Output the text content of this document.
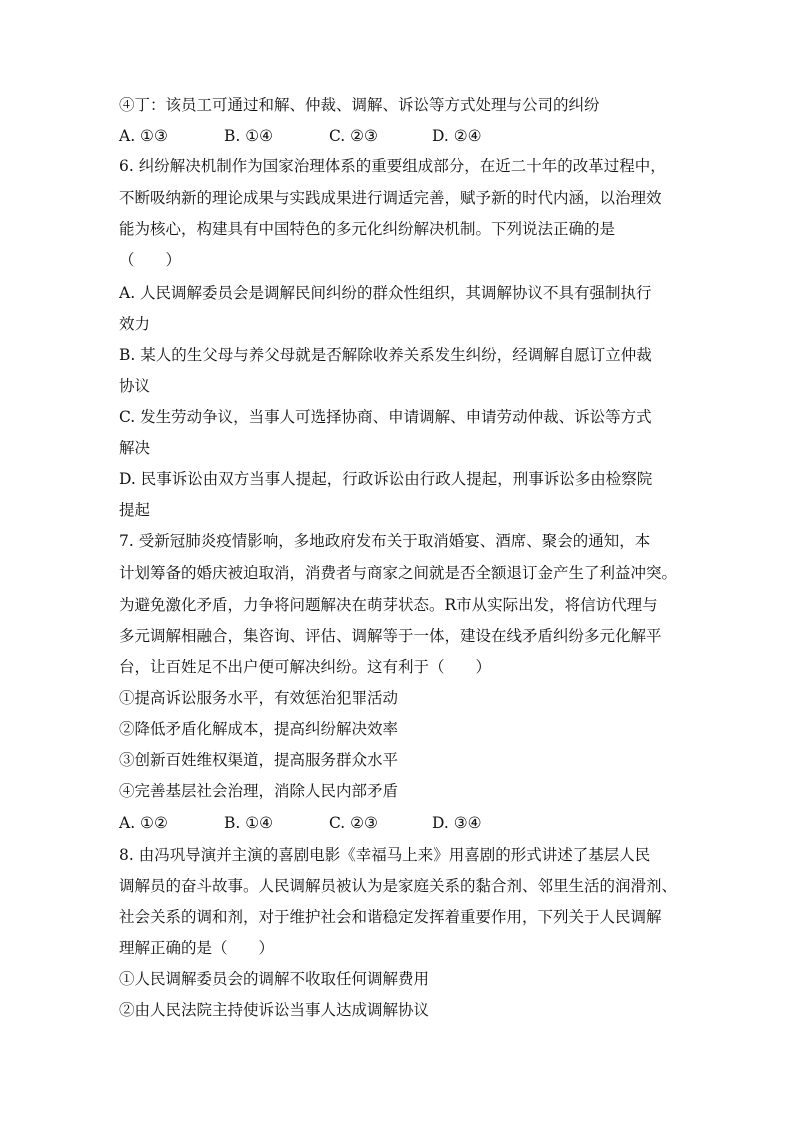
④丁：该员工可通过和解、仲裁、调解、诉讼等方式处理与公司的纠纷
A. ①③	B. ①④	C. ②③	D. ②④
6. 纠纷解决机制作为国家治理体系的重要组成部分，在近二十年的改革过程中，
不断吸纳新的理论成果与实践成果进行调适完善，赋予新的时代内涵，以治理效
能为核心，构建具有中国特色的多元化纠纷解决机制。下列说法正确的是
（　　）
A. 人民调解委员会是调解民间纠纷的群众性组织，其调解协议不具有强制执行
效力
B. 某人的生父母与养父母就是否解除收养关系发生纠纷，经调解自愿订立仲裁
协议
C. 发生劳动争议，当事人可选择协商、申请调解、申请劳动仲裁、诉讼等方式
解决
D. 民事诉讼由双方当事人提起，行政诉讼由行政人提起，刑事诉讼多由检察院
提起
7. 受新冠肺炎疫情影响，多地政府发布关于取消婚宴、酒席、聚会的通知，本
计划筹备的婚庆被迫取消，消费者与商家之间就是否全额退订金产生了利益冲突。
为避免激化矛盾，力争将问题解决在萌芽状态。R市从实际出发，将信访代理与
多元调解相融合，集咨询、评估、调解等于一体，建设在线矛盾纠纷多元化解平
台，让百姓足不出户便可解决纠纷。这有利于（　　）
①提高诉讼服务水平，有效惩治犯罪活动
②降低矛盾化解成本，提高纠纷解决效率
③创新百姓维权渠道，提高服务群众水平
④完善基层社会治理，消除人民内部矛盾
A. ①②	B. ①④	C. ②③	D. ③④
8. 由冯巩导演并主演的喜剧电影《幸福马上来》用喜剧的形式讲述了基层人民
调解员的奋斗故事。人民调解员被认为是家庭关系的黏合剂、邻里生活的润滑剂、
社会关系的调和剂，对于维护社会和谐稳定发挥着重要作用，下列关于人民调解
理解正确的是（　　）
①人民调解委员会的调解不收取任何调解费用
②由人民法院主持使诉讼当事人达成调解协议
